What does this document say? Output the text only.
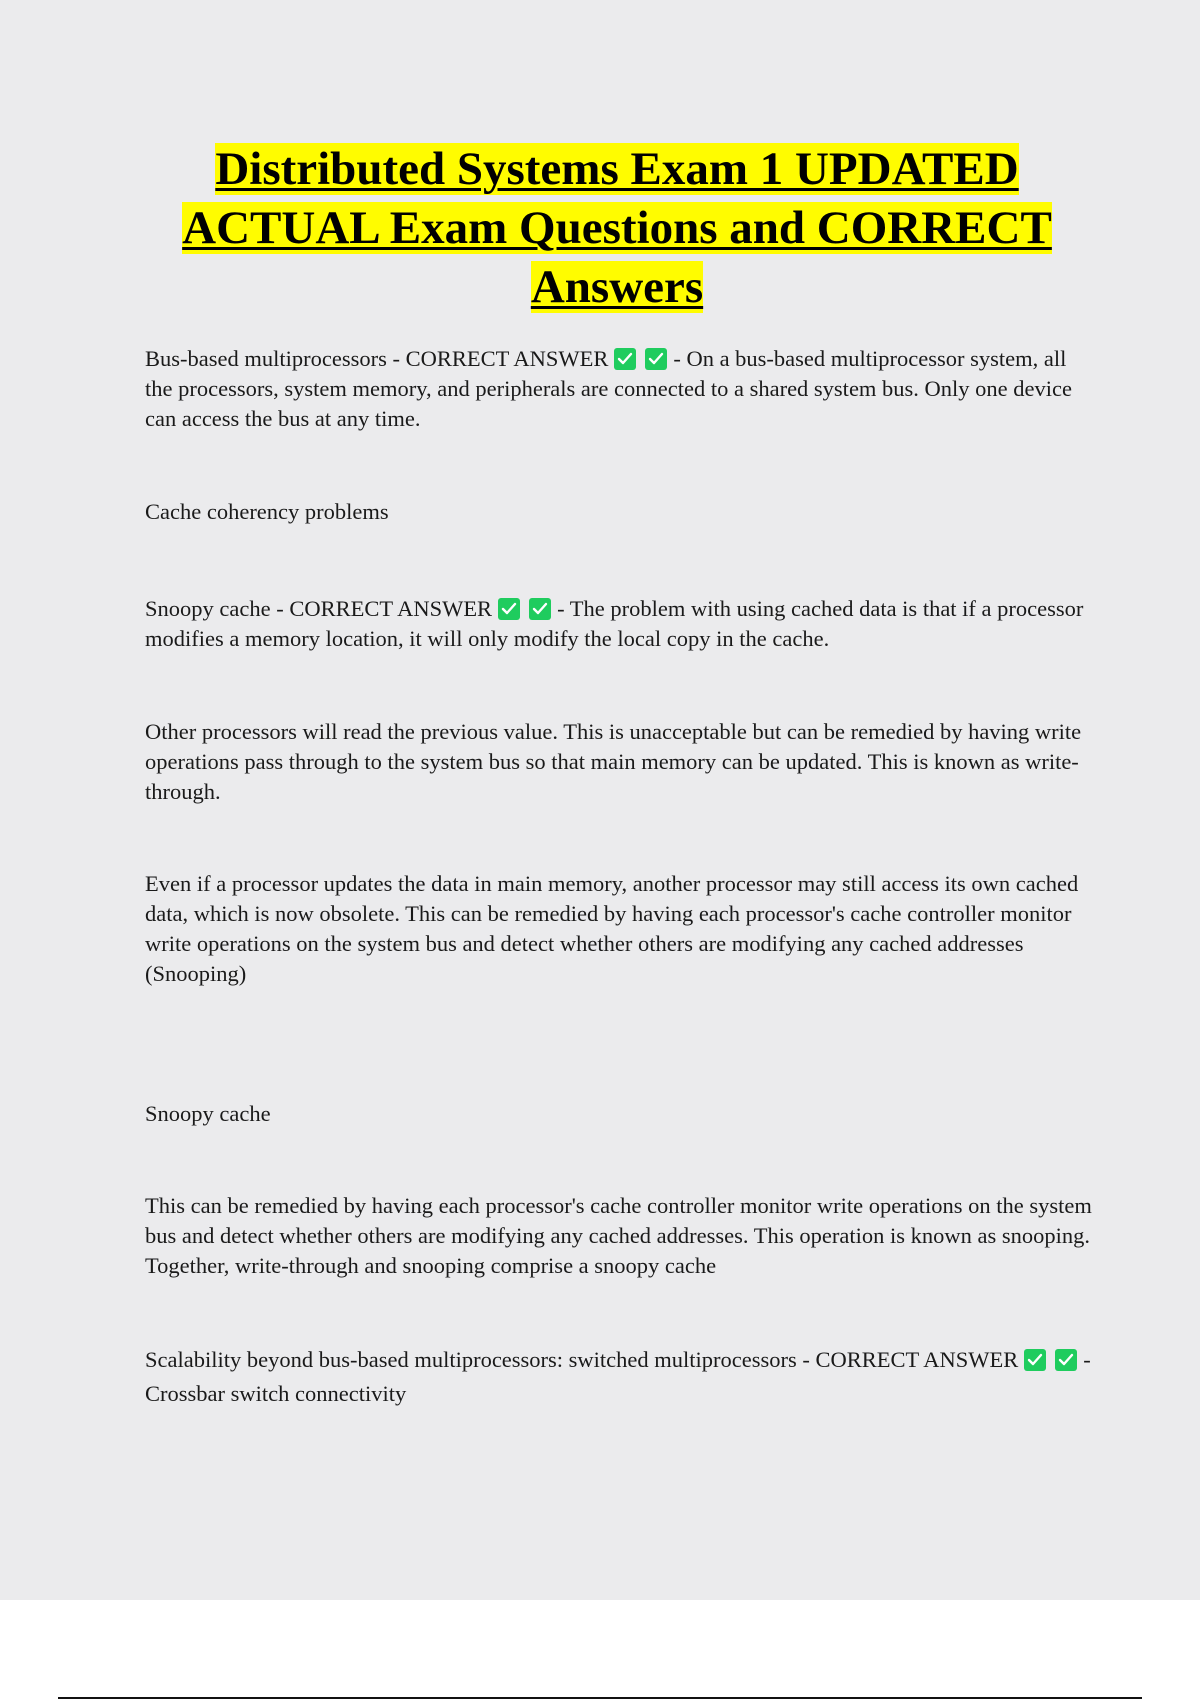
Distributed Systems Exam 1 UPDATED ACTUAL Exam Questions and CORRECT Answers

Bus-based multiprocessors - CORRECT ANSWER	- On a bus-based multiprocessor system, all the processors, system memory, and peripherals are connected to a shared system bus. Only one device can access the bus at any time.

Cache coherency problems

Snoopy cache - CORRECT ANSWER	- The problem with using cached data is that if a processor modifies a memory location, it will only modify the local copy in the cache.

Other processors will read the previous value. This is unacceptable but can be remedied by having write operations pass through to the system bus so that main memory can be updated. This is known as write-through.

Even if a processor updates the data in main memory, another processor may still access its own cached data, which is now obsolete. This can be remedied by having each processor's cache controller monitor write operations on the system bus and detect whether others are modifying any cached addresses (Snooping)

Snoopy cache

This can be remedied by having each processor's cache controller monitor write operations on the system bus and detect whether others are modifying any cached addresses. This operation is known as snooping. Together, write-through and snooping comprise a snoopy cache

Scalability beyond bus-based multiprocessors: switched multiprocessors - CORRECT ANSWER	- Crossbar switch connectivity
